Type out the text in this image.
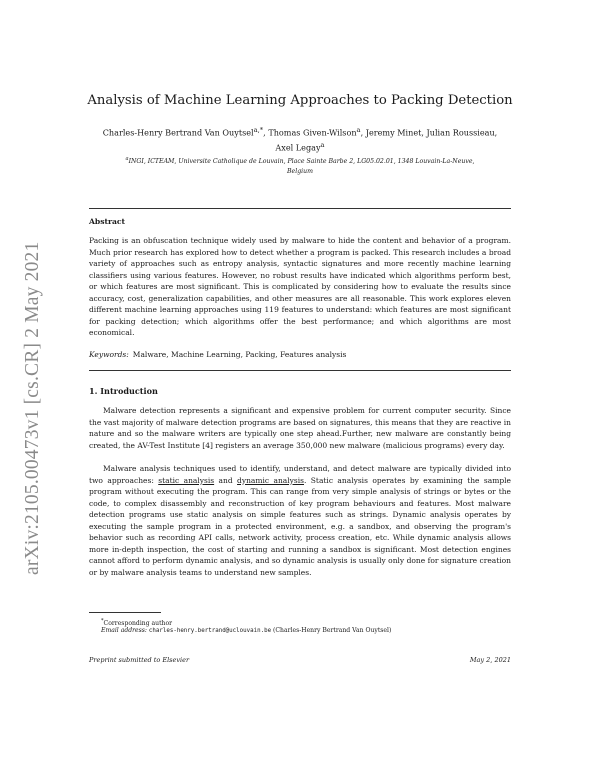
arXiv:2105.00473v1 [cs.CR] 2 May 2021
Analysis of Machine Learning Approaches to Packing Detection
Charles-Henry Bertrand Van Ouytsel$^{a,*}$, Thomas Given-Wilson$^a$, Jeremy Minet, Julian Roussieau,
Axel Legay$^a$
$^a$INGI, ICTEAM, Universite Catholique de Louvain, Place Sainte Barbe 2, LG05.02.01, 1348 Louvain-La-Neuve,
Belgium
Abstract

Packing is an obfuscation technique widely used by malware to hide the content and behavior of a program. Much prior research has explored how to detect whether a program is packed. This research includes a broad variety of approaches such as entropy analysis, syntactic signatures and more recently machine learning classifiers using various features. However, no robust results have indicated which algorithms perform best, or which features are most significant. This is complicated by considering how to evaluate the results since accuracy, cost, generalization capabilities, and other measures are all reasonable. This work explores eleven different machine learning approaches using 119 features to understand: which features are most significant for packing detection; which algorithms offer the best performance; and which algorithms are most economical.

Keywords: Malware, Machine Learning, Packing, Features analysis

1. Introduction

Malware detection represents a significant and expensive problem for current computer security. Since the vast majority of malware detection programs are based on signatures, this means that they are reactive in nature and so the malware writers are typically one step ahead.Further, new malware are constantly being created, the AV-Test Institute [4] registers an average 350,000 new malware (malicious programs) every day.

Malware analysis techniques used to identify, understand, and detect malware are typically divided into two approaches: static analysis and dynamic analysis. Static analysis operates by examining the sample program without executing the program. This can range from very simple analysis of strings or bytes or the code, to complex disassembly and reconstruction of key program behaviours and features. Most malware detection programs use static analysis on simple features such as strings. Dynamic analysis operates by executing the sample program in a protected environment, e.g. a sandbox, and observing the program's behavior such as recording API calls, network activity, process creation, etc. While dynamic analysis allows more in-depth inspection, the cost of starting and running a sandbox is significant. Most detection engines cannot afford to perform dynamic analysis, and so dynamic analysis is usually only done for signature creation or by malware analysis teams to understand new samples.

*Corresponding author
Email address: charles-henry.bertrand@uclouvain.be (Charles-Henry Bertrand Van Ouytsel)
Preprint submitted to Elsevier	May 2, 2021
